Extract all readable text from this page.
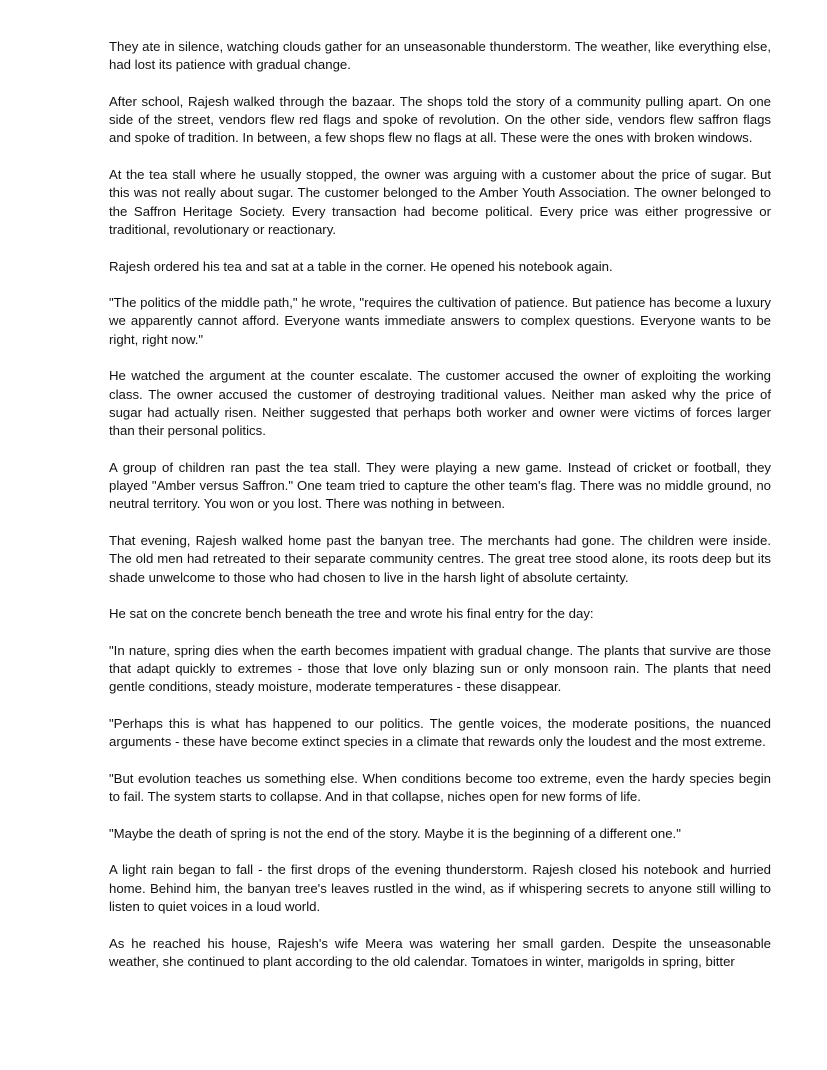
They ate in silence, watching clouds gather for an unseasonable thunderstorm. The weather, like everything else, had lost its patience with gradual change.

After school, Rajesh walked through the bazaar. The shops told the story of a community pulling apart. On one side of the street, vendors flew red flags and spoke of revolution. On the other side, vendors flew saffron flags and spoke of tradition. In between, a few shops flew no flags at all. These were the ones with broken windows.

At the tea stall where he usually stopped, the owner was arguing with a customer about the price of sugar. But this was not really about sugar. The customer belonged to the Amber Youth Association. The owner belonged to the Saffron Heritage Society. Every transaction had become political. Every price was either progressive or traditional, revolutionary or reactionary.

Rajesh ordered his tea and sat at a table in the corner. He opened his notebook again.

"The politics of the middle path," he wrote, "requires the cultivation of patience. But patience has become a luxury we apparently cannot afford. Everyone wants immediate answers to complex questions. Everyone wants to be right, right now."

He watched the argument at the counter escalate. The customer accused the owner of exploiting the working class. The owner accused the customer of destroying traditional values. Neither man asked why the price of sugar had actually risen. Neither suggested that perhaps both worker and owner were victims of forces larger than their personal politics.

A group of children ran past the tea stall. They were playing a new game. Instead of cricket or football, they played "Amber versus Saffron." One team tried to capture the other team's flag. There was no middle ground, no neutral territory. You won or you lost. There was nothing in between.

That evening, Rajesh walked home past the banyan tree. The merchants had gone. The children were inside. The old men had retreated to their separate community centres. The great tree stood alone, its roots deep but its shade unwelcome to those who had chosen to live in the harsh light of absolute certainty.

He sat on the concrete bench beneath the tree and wrote his final entry for the day:

"In nature, spring dies when the earth becomes impatient with gradual change. The plants that survive are those that adapt quickly to extremes - those that love only blazing sun or only monsoon rain. The plants that need gentle conditions, steady moisture, moderate temperatures - these disappear.

"Perhaps this is what has happened to our politics. The gentle voices, the moderate positions, the nuanced arguments - these have become extinct species in a climate that rewards only the loudest and the most extreme.

"But evolution teaches us something else. When conditions become too extreme, even the hardy species begin to fail. The system starts to collapse. And in that collapse, niches open for new forms of life.

"Maybe the death of spring is not the end of the story. Maybe it is the beginning of a different one."

A light rain began to fall - the first drops of the evening thunderstorm. Rajesh closed his notebook and hurried home. Behind him, the banyan tree's leaves rustled in the wind, as if whispering secrets to anyone still willing to listen to quiet voices in a loud world.

As he reached his house, Rajesh's wife Meera was watering her small garden. Despite the unseasonable weather, she continued to plant according to the old calendar. Tomatoes in winter, marigolds in spring, bitter
